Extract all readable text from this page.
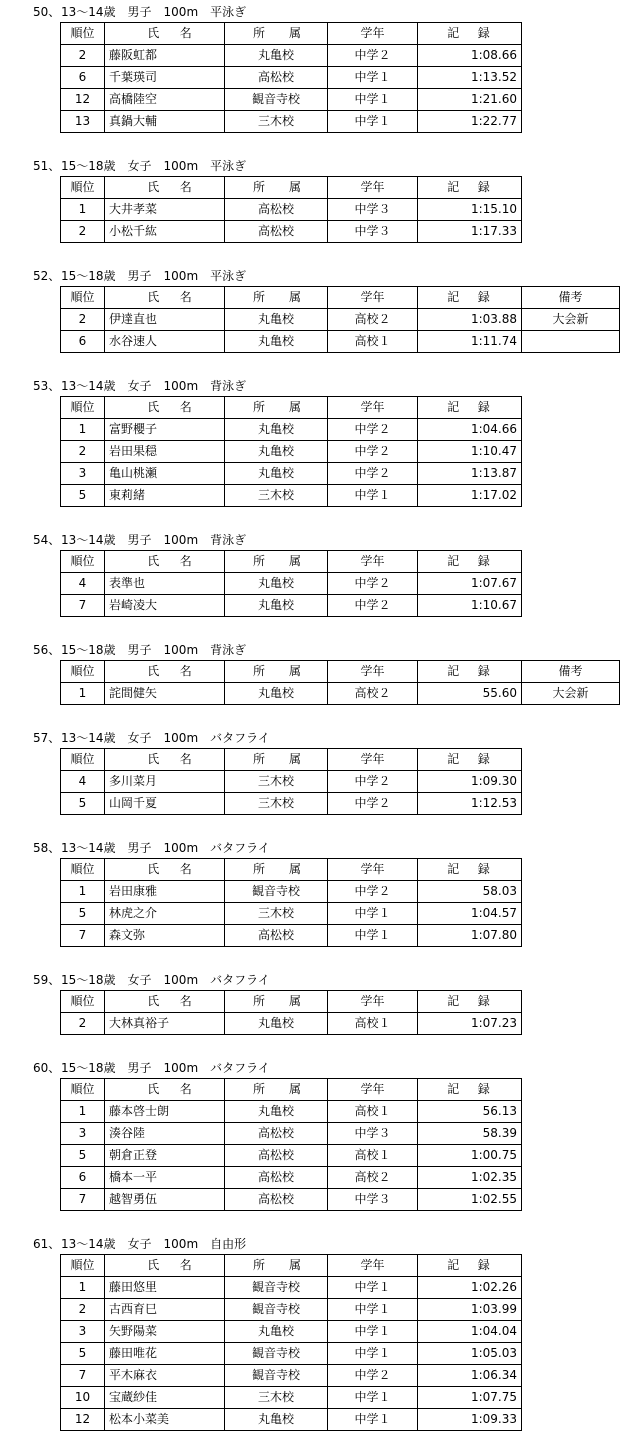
50、 13～14歳　男子　100m　平泳ぎ
順位	氏 名	所 属	学年	記 録

2	藤阪虹都	丸亀校	中学２	1:08.66
6	千葉瑛司	高松校	中学１	1:13.52
12	高橋陸空	観音寺校	中学１	1:21.60
13	真鍋大輔	三木校	中学１	1:22.77
51、 15～18歳　女子　100m　平泳ぎ
順位	氏 名	所 属	学年	記 録

1	大井孝菜	高松校	中学３	1:15.10
2	小松千紘	高松校	中学３	1:17.33
52、 15～18歳　男子　100m　平泳ぎ
順位	氏 名	所 属	学年	記 録	備考
2	伊達直也	丸亀校	高校２	1:03.88	大会新
6	水谷速人	丸亀校	高校１	1:11.74	
53、 13～14歳　女子　100m　背泳ぎ
順位	氏 名	所 属	学年	記 録

1	富野櫻子	丸亀校	中学２	1:04.66
2	岩田果穏	丸亀校	中学２	1:10.47
3	亀山桃瀬	丸亀校	中学２	1:13.87
5	東莉緒	三木校	中学１	1:17.02
54、 13～14歳　男子　100m　背泳ぎ
順位	氏 名	所 属	学年	記 録

4	表準也	丸亀校	中学２	1:07.67
7	岩崎凌大	丸亀校	中学２	1:10.67
56、 15～18歳　男子　100m　背泳ぎ
順位	氏 名	所 属	学年	記 録	備考
1	詫間健矢	丸亀校	高校２	55.60	大会新
57、 13～14歳　女子　100m　バタフライ
順位	氏 名	所 属	学年	記 録

4	多川菜月	三木校	中学２	1:09.30
5	山岡千夏	三木校	中学２	1:12.53
58、 13～14歳　男子　100m　バタフライ
順位	氏 名	所 属	学年	記 録

1	岩田康雅	観音寺校	中学２	58.03
5	林虎之介	三木校	中学１	1:04.57
7	森文弥	高松校	中学１	1:07.80
59、 15～18歳　女子　100m　バタフライ
順位	氏 名	所 属	学年	記 録

2	大林真裕子	丸亀校	高校１	1:07.23
60、 15～18歳　男子　100m　バタフライ
順位	氏 名	所 属	学年	記 録

1	藤本啓士朗	丸亀校	高校１	56.13
3	湊谷陸	高松校	中学３	58.39
5	朝倉正登	高松校	高校１	1:00.75
6	橋本一平	高松校	高校２	1:02.35
7	越智勇伍	高松校	中学３	1:02.55
61、 13～14歳　女子　100m　自由形
順位	氏 名	所 属	学年	記 録

1	藤田悠里	観音寺校	中学１	1:02.26
2	古西育巳	観音寺校	中学１	1:03.99
3	矢野陽菜	丸亀校	中学１	1:04.04
5	藤田唯花	観音寺校	中学１	1:05.03
7	平木麻衣	観音寺校	中学２	1:06.34
10	宝蔵紗佳	三木校	中学１	1:07.75
12	松本小菜美	丸亀校	中学１	1:09.33
